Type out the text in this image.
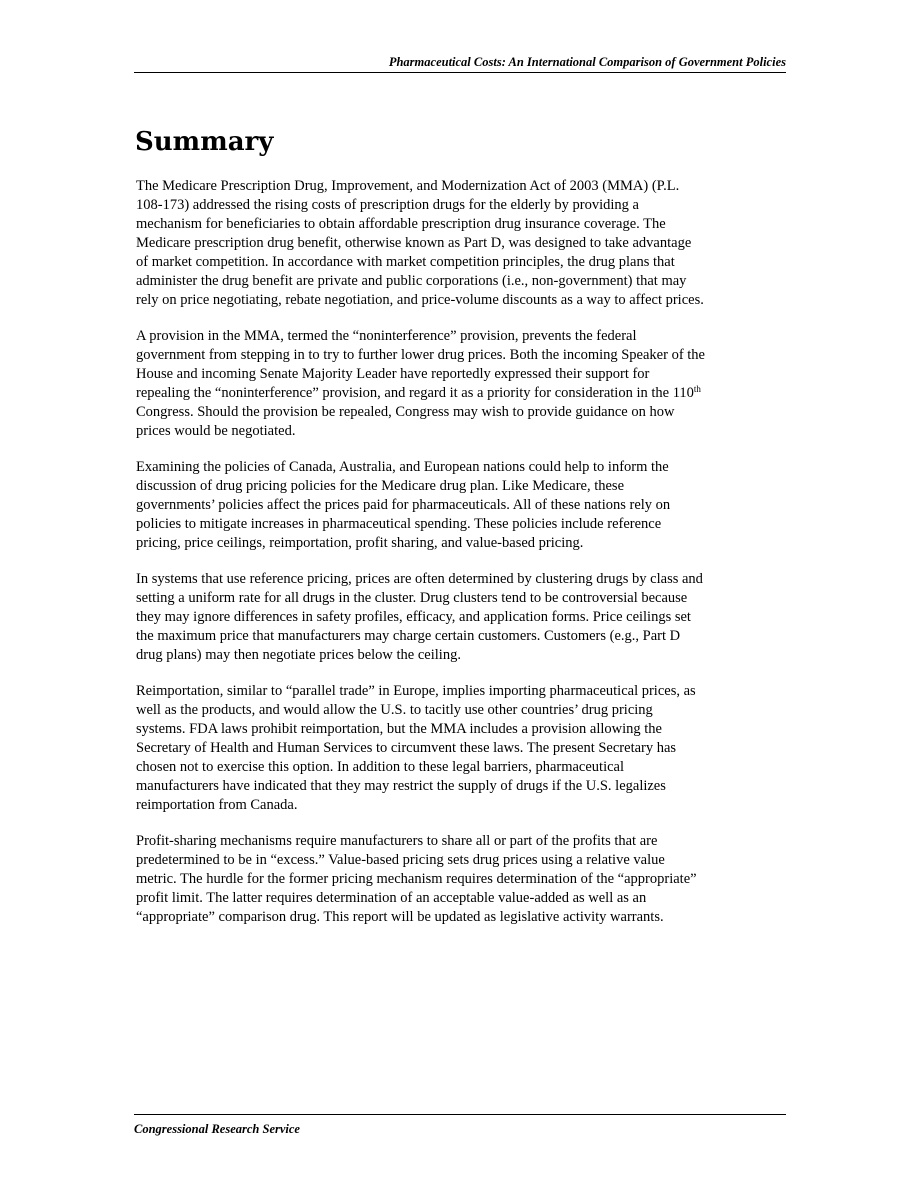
Pharmaceutical Costs: An International Comparison of Government Policies
Summary

The Medicare Prescription Drug, Improvement, and Modernization Act of 2003 (MMA) (P.L.
108-173) addressed the rising costs of prescription drugs for the elderly by providing a
mechanism for beneficiaries to obtain affordable prescription drug insurance coverage. The
Medicare prescription drug benefit, otherwise known as Part D, was designed to take advantage
of market competition. In accordance with market competition principles, the drug plans that
administer the drug benefit are private and public corporations (i.e., non-government) that may
rely on price negotiating, rebate negotiation, and price-volume discounts as a way to affect prices.

A provision in the MMA, termed the “noninterference” provision, prevents the federal
government from stepping in to try to further lower drug prices. Both the incoming Speaker of the
House and incoming Senate Majority Leader have reportedly expressed their support for
repealing the “noninterference” provision, and regard it as a priority for consideration in the 110th
Congress. Should the provision be repealed, Congress may wish to provide guidance on how
prices would be negotiated.

Examining the policies of Canada, Australia, and European nations could help to inform the
discussion of drug pricing policies for the Medicare drug plan. Like Medicare, these
governments’ policies affect the prices paid for pharmaceuticals. All of these nations rely on
policies to mitigate increases in pharmaceutical spending. These policies include reference
pricing, price ceilings, reimportation, profit sharing, and value-based pricing.

In systems that use reference pricing, prices are often determined by clustering drugs by class and
setting a uniform rate for all drugs in the cluster. Drug clusters tend to be controversial because
they may ignore differences in safety profiles, efficacy, and application forms. Price ceilings set
the maximum price that manufacturers may charge certain customers. Customers (e.g., Part D
drug plans) may then negotiate prices below the ceiling.

Reimportation, similar to “parallel trade” in Europe, implies importing pharmaceutical prices, as
well as the products, and would allow the U.S. to tacitly use other countries’ drug pricing
systems. FDA laws prohibit reimportation, but the MMA includes a provision allowing the
Secretary of Health and Human Services to circumvent these laws. The present Secretary has
chosen not to exercise this option. In addition to these legal barriers, pharmaceutical
manufacturers have indicated that they may restrict the supply of drugs if the U.S. legalizes
reimportation from Canada.

Profit-sharing mechanisms require manufacturers to share all or part of the profits that are
predetermined to be in “excess.” Value-based pricing sets drug prices using a relative value
metric. The hurdle for the former pricing mechanism requires determination of the “appropriate”
profit limit. The latter requires determination of an acceptable value-added as well as an
“appropriate” comparison drug. This report will be updated as legislative activity warrants.

Congressional Research Service
